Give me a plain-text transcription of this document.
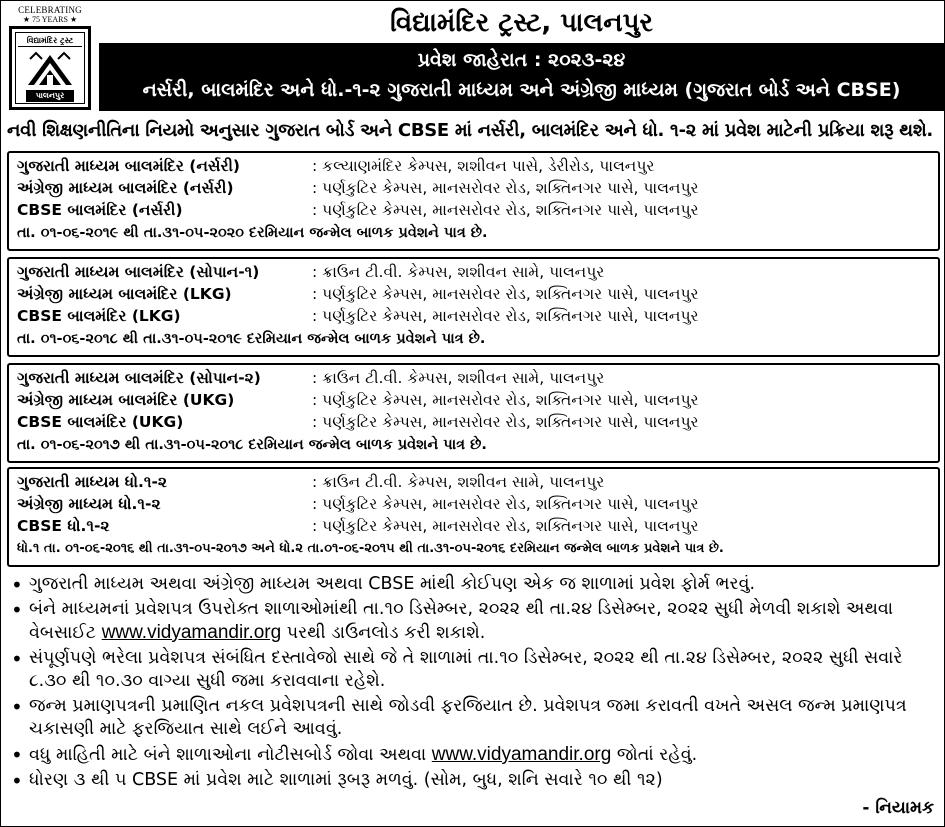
CELEBRATING
★ 75 YEARS ★
વિદ્યામંદિર ટ્રસ્ટ
પાલનપુર
વિદ્યામંદિર ટ્રસ્ટ, પાલનપુર
પ્રવેશ જાહેરાત : ૨૦૨૩-૨૪
નર્સરી, બાલમંદિર અને ધો.-૧-૨ ગુજરાતી માધ્યમ અને અંગ્રેજી માધ્યમ (ગુજરાત બોર્ડ અને CBSE)
નવી શિક્ષણનીતિના નિયમો અનુસાર ગુજરાત બોર્ડ અને CBSE માં નર્સરી, બાલમંદિર અને ધો. ૧-૨ માં પ્રવેશ માટેની પ્રક્રિયા શરૂ થશે.
ગુજરાતી માધ્યમ બાલમંદિર (નર્સરી)	: કલ્યાણમંદિર કેમ્પસ, શશીવન પાસે, ડેરીરોડ, પાલનપુર
અંગ્રેજી માધ્યમ બાલમંદિર (નર્સરી)	: પર્ણકુટિર કેમ્પસ, માનસરોવર રોડ, શક્તિનગર પાસે, પાલનપુર
CBSE બાલમંદિર (નર્સરી)	: પર્ણકુટિર કેમ્પસ, માનસરોવર રોડ, શક્તિનગર પાસે, પાલનપુર
તા. ૦૧-૦૬-૨૦૧૯ થી તા.૩૧-૦૫-૨૦૨૦ દરમિયાન જન્મેલ બાળક પ્રવેશને પાત્ર છે.
ગુજરાતી માધ્યમ બાલમંદિર (સોપાન-૧)	: ક્રાઉન ટી.વી. કેમ્પસ, શશીવન સામે, પાલનપુર
અંગ્રેજી માધ્યમ બાલમંદિર (LKG)	: પર્ણકુટિર કેમ્પસ, માનસરોવર રોડ, શક્તિનગર પાસે, પાલનપુર
CBSE બાલમંદિર (LKG)	: પર્ણકુટિર કેમ્પસ, માનસરોવર રોડ, શક્તિનગર પાસે, પાલનપુર
તા. ૦૧-૦૬-૨૦૧૮ થી તા.૩૧-૦૫-૨૦૧૯ દરમિયાન જન્મેલ બાળક પ્રવેશને પાત્ર છે.
ગુજરાતી માધ્યમ બાલમંદિર (સોપાન-૨)	: ક્રાઉન ટી.વી. કેમ્પસ, શશીવન સામે, પાલનપુર
અંગ્રેજી માધ્યમ બાલમંદિર (UKG)	: પર્ણકુટિર કેમ્પસ, માનસરોવર રોડ, શક્તિનગર પાસે, પાલનપુર
CBSE બાલમંદિર (UKG)	: પર્ણકુટિર કેમ્પસ, માનસરોવર રોડ, શક્તિનગર પાસે, પાલનપુર
તા. ૦૧-૦૬-૨૦૧૭ થી તા.૩૧-૦૫-૨૦૧૮ દરમિયાન જન્મેલ બાળક પ્રવેશને પાત્ર છે.
ગુજરાતી માધ્યમ ધો.૧-૨	: ક્રાઉન ટી.વી. કેમ્પસ, શશીવન સામે, પાલનપુર
અંગ્રેજી માધ્યમ ધો.૧-૨	: પર્ણકુટિર કેમ્પસ, માનસરોવર રોડ, શક્તિનગર પાસે, પાલનપુર
CBSE ધો.૧-૨	: પર્ણકુટિર કેમ્પસ, માનસરોવર રોડ, શક્તિનગર પાસે, પાલનપુર
ધો.૧ તા. ૦૧-૦૬-૨૦૧૬ થી તા.૩૧-૦૫-૨૦૧૭ અને ધો.૨ તા.૦૧-૦૬-૨૦૧૫ થી તા.૩૧-૦૫-૨૦૧૬ દરમિયાન જન્મેલ બાળક પ્રવેશને પાત્ર છે.
• ગુજરાતી માધ્યમ અથવા અંગ્રેજી માધ્યમ અથવા CBSE માંથી કોઈપણ એક જ શાળામાં પ્રવેશ ફોર્મ ભરવું.
• બંને માધ્યમનાં પ્રવેશપત્ર ઉપરોક્ત શાળાઓમાંથી તા.૧૦ ડિસેમ્બર, ૨૦૨૨ થી તા.૨૪ ડિસેમ્બર, ૨૦૨૨ સુધી મેળવી શકાશે અથવા વેબસાઈટ www.vidyamandir.org પરથી ડાઉનલોડ કરી શકાશે.
• સંપૂર્ણપણે ભરેલા પ્રવેશપત્ર સંબંધિત દસ્તાવેજો સાથે જે તે શાળામાં તા.૧૦ ડિસેમ્બર, ૨૦૨૨ થી તા.૨૪ ડિસેમ્બર, ૨૦૨૨ સુધી સવારે ૮.૩૦ થી ૧૦.૩૦ વાગ્યા સુધી જમા કરાવવાના રહેશે.
• જન્મ પ્રમાણપત્રની પ્રમાણિત નકલ પ્રવેશપત્રની સાથે જોડવી ફરજિયાત છે. પ્રવેશપત્ર જમા કરાવતી વખતે અસલ જન્મ પ્રમાણપત્ર ચકાસણી માટે ફરજિયાત સાથે લઈને આવવું.
• વધુ માહિતી માટે બંને શાળાઓના નોટીસબોર્ડ જોવા અથવા www.vidyamandir.org જોતાં રહેવું.
• ધોરણ ૩ થી ૫ CBSE માં પ્રવેશ માટે શાળામાં રૂબરૂ મળવું. (સોમ, બુધ, શનિ સવારે ૧૦ થી ૧૨)
- નિયામક
